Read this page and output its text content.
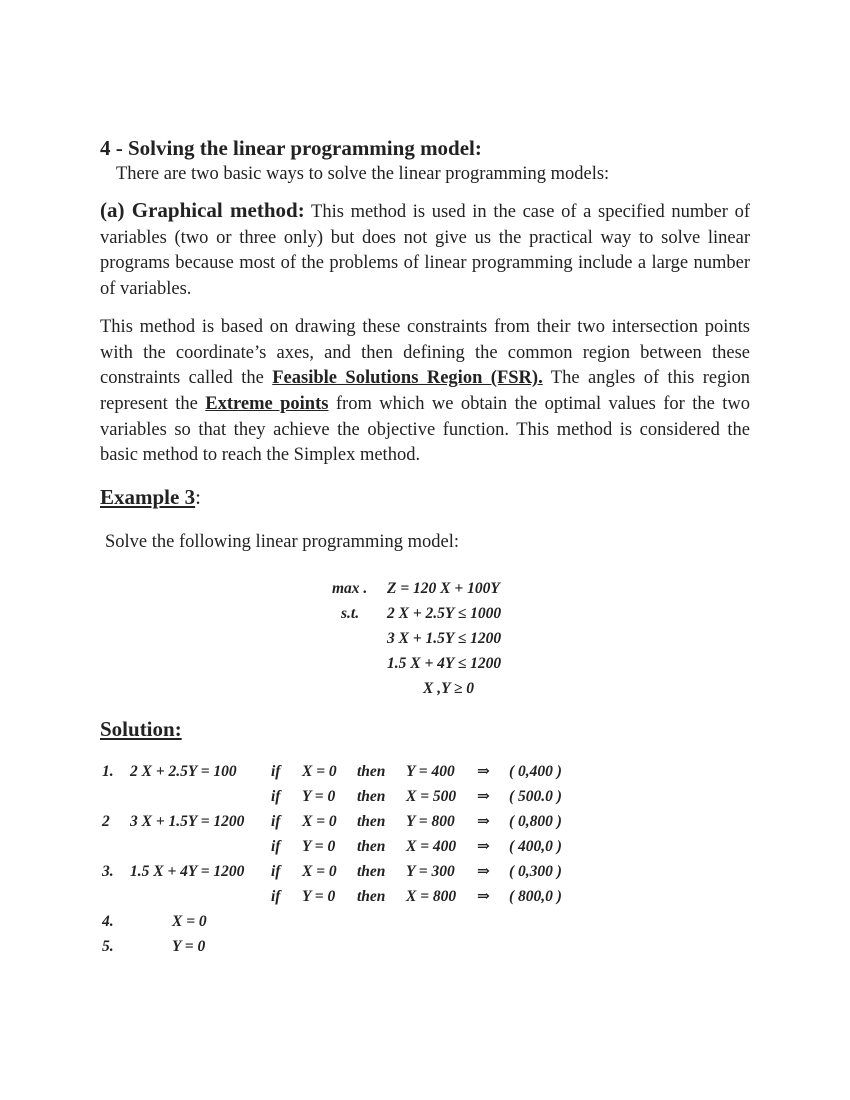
4 - Solving the linear programming model:

There are two basic ways to solve the linear programming models:

(a) Graphical method: This method is used in the case of a specified number of variables (two or three only) but does not give us the practical way to solve linear programs because most of the problems of linear programming include a large number of variables.

This method is based on drawing these constraints from their two intersection points with the coordinate’s axes, and then defining the common region between these constraints called the Feasible Solutions Region (FSR). The angles of this region represent the Extreme points from which we obtain the optimal values for the two variables so that they achieve the objective function. This method is considered the basic method to reach the Simplex method.

Example 3:

Solve the following linear programming model:

max .	Z = 120 X + 100Y
s.t.	2 X + 2.5Y ≤ 1000
3 X + 1.5Y ≤ 1200
1.5 X + 4Y ≤ 1200
X ,Y ≥ 0
Solution:
1. 2 X + 2.5Y = 100 if X = 0 then Y = 400 ⇒ ( 0,400 )
if Y = 0 then X = 500 ⇒ ( 500.0 )
2 3 X + 1.5Y = 1200 if X = 0 then Y = 800 ⇒ ( 0,800 )
if Y = 0 then X = 400 ⇒ ( 400,0 )
3. 1.5 X + 4Y = 1200 if X = 0 then Y = 300 ⇒ ( 0,300 )
if Y = 0 then X = 800 ⇒ ( 800,0 )
4.	X = 0
5.	Y = 0
